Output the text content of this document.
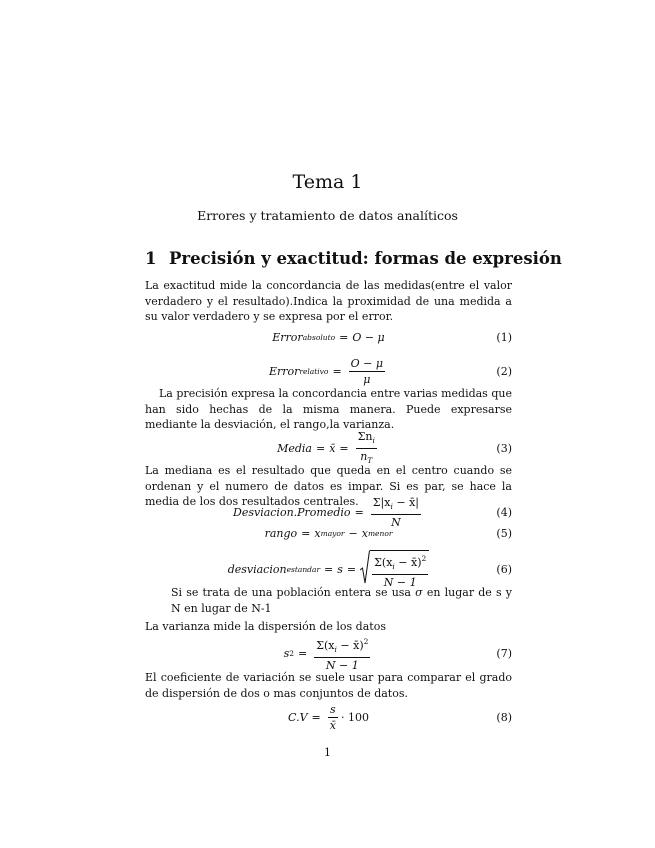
Tema 1
Errores y tratamiento de datos analíticos
1 Precisión y exactitud: formas de expresión
La exactitud mide la concordancia de las medidas(entre el valor verdadero y el resultado).Indica la proximidad de una medida a su valor verdadero y se expresa por el error.
Error absoluto = O − μ	(1)
Error relativo = $\frac{O - \mu}{\mu}$	(2)
La precisión expresa la concordancia entre varias medidas que han sido hechas de la misma manera. Puede expresarse mediante la desviación, el rango,la varianza.
Media = x̄ = $\frac{\Sigma n_i}{n_T}$	(3)
La mediana es el resultado que queda en el centro cuando se ordenan y el numero de datos es impar. Si es par, se hace la media de los dos resultados centrales.
Desviacion.Promedio = $\frac{\Sigma|x_i - x̄|}{N}$	(4)
rango = x mayor − x menor	(5)
desviacion estandar = $s = \frac{\Sigma(x_i - x̄)^2}{N - 1}$	(6)
Si se trata de una población entera se usa σ en lugar de s y N en lugar de N-1
La varianza mide la dispersión de los datos
s $2 = \frac{\Sigma(x_i - x̄)^2}{N - 1}$	(7)
El coeficiente de variación se suele usar para comparar el grado de dispersión de dos o mas conjuntos de datos.
$C.V = \frac{s}{x̄} \cdot 100$	(8)
1
